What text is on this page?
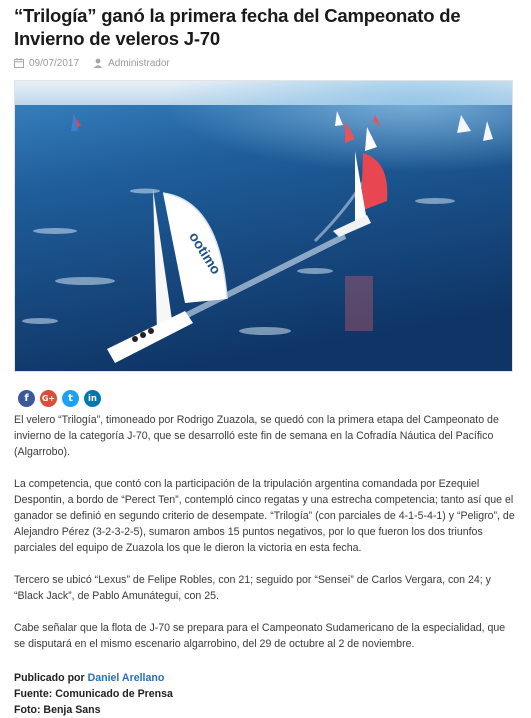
“Trilogía” ganó la primera fecha del Campeonato de Invierno de veleros J-70
09/07/2017	Administrador
ootimo
f	G+	t	in

El velero “Trilogía”, timoneado por Rodrigo Zuazola, se quedó con la primera etapa del Campeonato de invierno de la categoría J-70, que se desarrolló este fin de semana en la Cofradía Náutica del Pacífico (Algarrobo).

La competencia, que contó con la participación de la tripulación argentina comandada por Ezequiel Despontin, a bordo de “Perect Ten”, contempló cinco regatas y una estrecha competencia; tanto así que el ganador se definió en segundo criterio de desempate. “Trilogía” (con parciales de 4-1-5-4-1) y “Peligro”, de Alejandro Pérez (3-2-3-2-5), sumaron ambos 15 puntos negativos, por lo que fueron los dos triunfos parciales del equipo de Zuazola los que le dieron la victoria en esta fecha.

Tercero se ubicó “Lexus” de Felipe Robles, con 21; seguido por “Sensei” de Carlos Vergara, con 24; y “Black Jack”, de Pablo Amunátegui, con 25.

Cabe señalar que la flota de J-70 se prepara para el Campeonato Sudamericano de la especialidad, que se disputará en el mismo escenario algarrobino, del 29 de octubre al 2 de noviembre.

Publicado por Daniel Arellano
Fuente: Comunicado de Prensa
Foto: Benja Sans
